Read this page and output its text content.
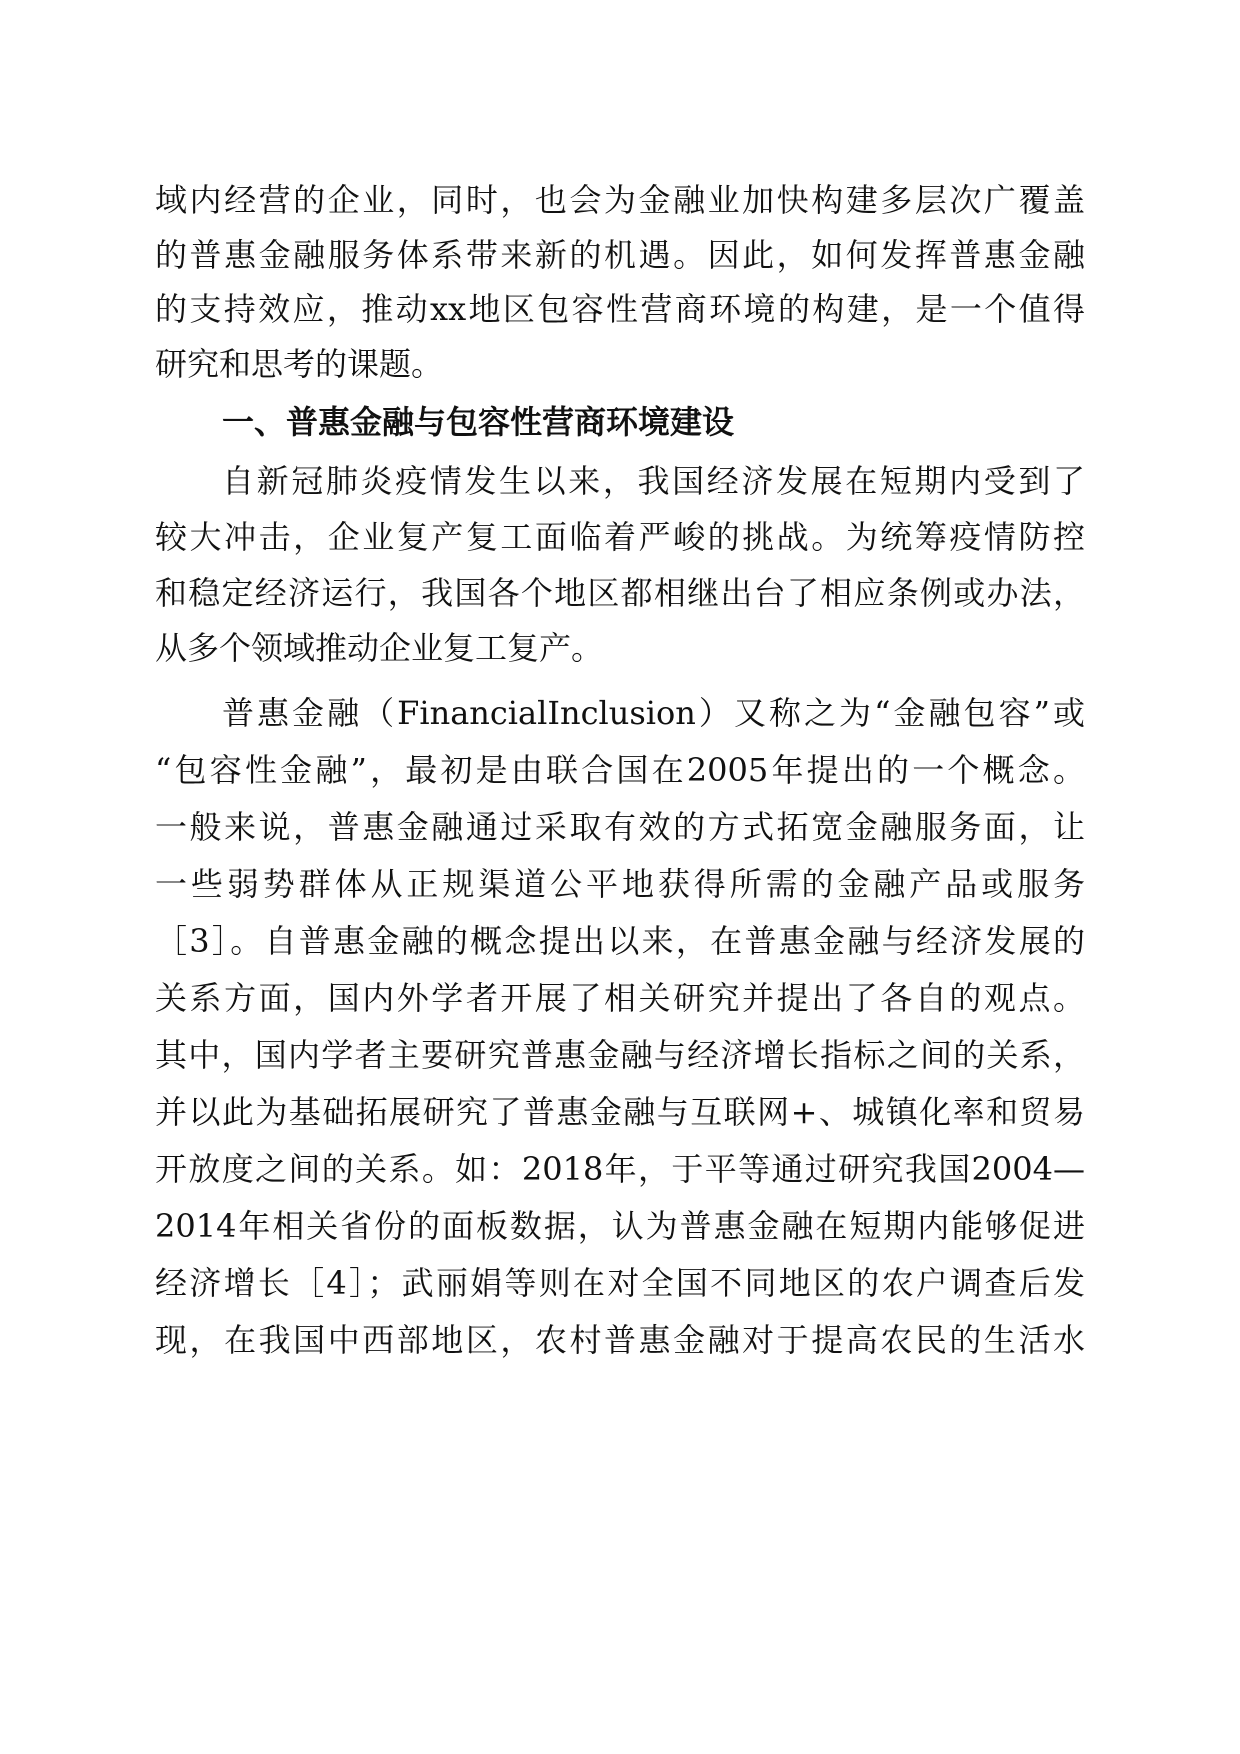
域内经营的企业，同时，也会为金融业加快构建多层次广覆盖
的普惠金融服务体系带来新的机遇。因此，如何发挥普惠金融
的支持效应，推动xx地区包容性营商环境的构建，是一个值得
研究和思考的课题。
一、普惠金融与包容性营商环境建设
自新冠肺炎疫情发生以来，我国经济发展在短期内受到了
较大冲击，企业复产复工面临着严峻的挑战。为统筹疫情防控
和稳定经济运行，我国各个地区都相继出台了相应条例或办法，
从多个领域推动企业复工复产。
普惠金融（FinancialInclusion）又称之为“金融包容”或
“包容性金融”，最初是由联合国在2005年提出的一个概念。
一般来说，普惠金融通过采取有效的方式拓宽金融服务面，让
一些弱势群体从正规渠道公平地获得所需的金融产品或服务
［3］。自普惠金融的概念提出以来，在普惠金融与经济发展的
关系方面，国内外学者开展了相关研究并提出了各自的观点。
其中，国内学者主要研究普惠金融与经济增长指标之间的关系，
并以此为基础拓展研究了普惠金融与互联网+、城镇化率和贸易
开放度之间的关系。如：2018年，于平等通过研究我国2004—
2014年相关省份的面板数据，认为普惠金融在短期内能够促进
经济增长［4］；武丽娟等则在对全国不同地区的农户调查后发
现，在我国中西部地区，农村普惠金融对于提高农民的生活水
